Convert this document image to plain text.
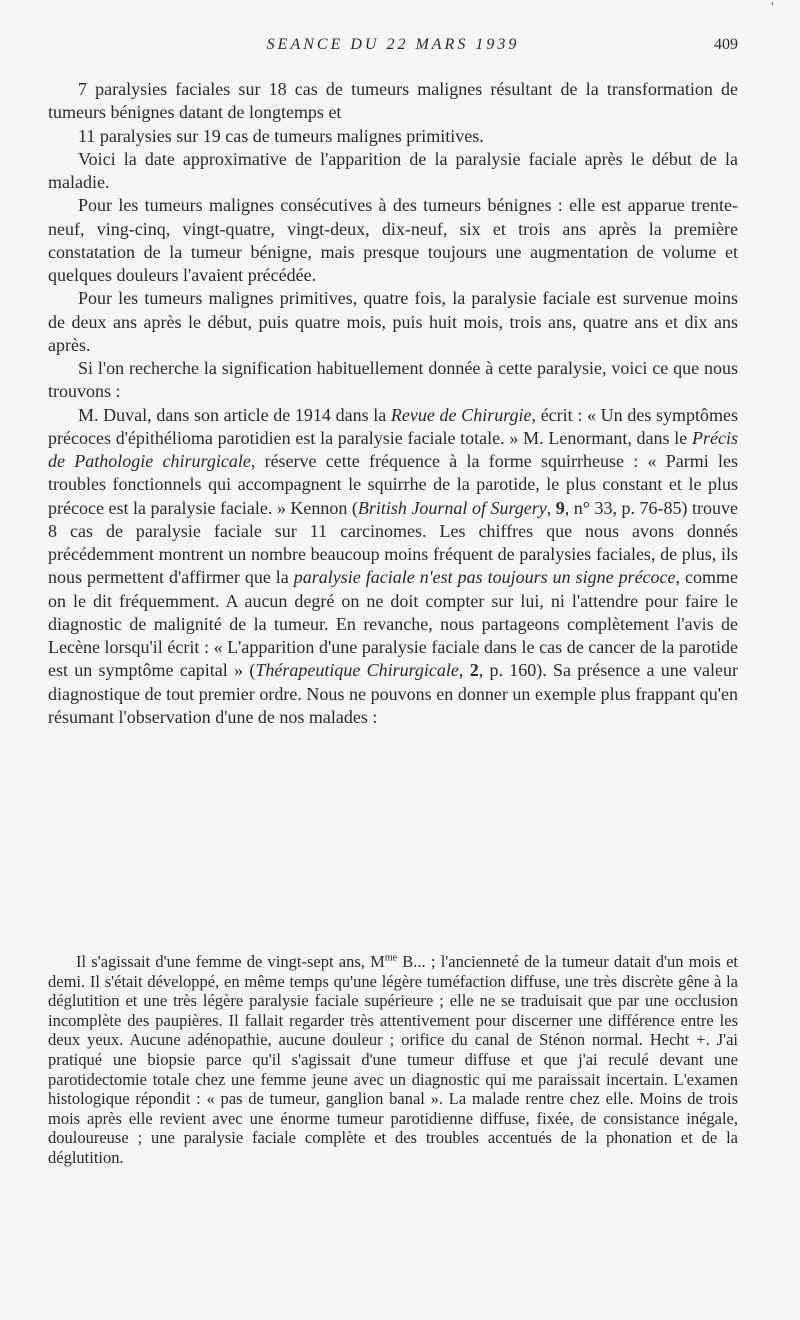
'
SEANCE DU 22 MARS 1939	409

7 paralysies faciales sur 18 cas de tumeurs malignes résultant de la transformation de tumeurs bénignes datant de longtemps et

11 paralysies sur 19 cas de tumeurs malignes primitives.

Voici la date approximative de l'apparition de la paralysie faciale après le début de la maladie.

Pour les tumeurs malignes consécutives à des tumeurs bénignes : elle est apparue trente-neuf, ving-cinq, vingt-quatre, vingt-deux, dix-neuf, six et trois ans après la première constatation de la tumeur bénigne, mais presque toujours une augmentation de volume et quelques douleurs l'avaient précédée.

Pour les tumeurs malignes primitives, quatre fois, la paralysie faciale est survenue moins de deux ans après le début, puis quatre mois, puis huit mois, trois ans, quatre ans et dix ans après.

Si l'on recherche la signification habituellement donnée à cette paralysie, voici ce que nous trouvons :

M. Duval, dans son article de 1914 dans la Revue de Chirurgie, écrit : « Un des symptômes précoces d'épithélioma parotidien est la paralysie faciale totale. » M. Lenormant, dans le Précis de Pathologie chirurgicale, réserve cette fréquence à la forme squirrheuse : « Parmi les troubles fonctionnels qui accompagnent le squirrhe de la parotide, le plus constant et le plus précoce est la paralysie faciale. » Kennon (British Journal of Surgery, 9, n° 33, p. 76-85) trouve 8 cas de paralysie faciale sur 11 carcinomes. Les chiffres que nous avons donnés précédemment montrent un nombre beaucoup moins fréquent de paralysies faciales, de plus, ils nous permettent d'affirmer que la paralysie faciale n'est pas toujours un signe précoce, comme on le dit fréquemment. A aucun degré on ne doit compter sur lui, ni l'attendre pour faire le diagnostic de malignité de la tumeur. En revanche, nous partageons complètement l'avis de Lecène lorsqu'il écrit : « L'apparition d'une paralysie faciale dans le cas de cancer de la parotide est un symptôme capital » (Thérapeutique Chirurgicale, 2, p. 160). Sa présence a une valeur diagnostique de tout premier ordre. Nous ne pouvons en donner un exemple plus frappant qu'en résumant l'observation d'une de nos malades :

Il s'agissait d'une femme de vingt-sept ans, $M^{me}$ B... ; l'ancienneté de la tumeur datait d'un mois et demi. Il s'était développé, en même temps qu'une légère tuméfaction diffuse, une très discrète gêne à la déglutition et une très légère paralysie faciale supérieure ; elle ne se traduisait que par une occlusion incomplète des paupières. Il fallait regarder très attentivement pour discerner une différence entre les deux yeux. Aucune adénopathie, aucune douleur ; orifice du canal de Sténon normal. Hecht +. J'ai pratiqué une biopsie parce qu'il s'agissait d'une tumeur diffuse et que j'ai reculé devant une parotidectomie totale chez une femme jeune avec un diagnostic qui me paraissait incertain. L'examen histologique répondit : « pas de tumeur, ganglion banal ». La malade rentre chez elle. Moins de trois mois après elle revient avec une énorme tumeur parotidienne diffuse, fixée, de consistance inégale, douloureuse ; une paralysie faciale complète et des troubles accentués de la phonation et de la déglutition.
